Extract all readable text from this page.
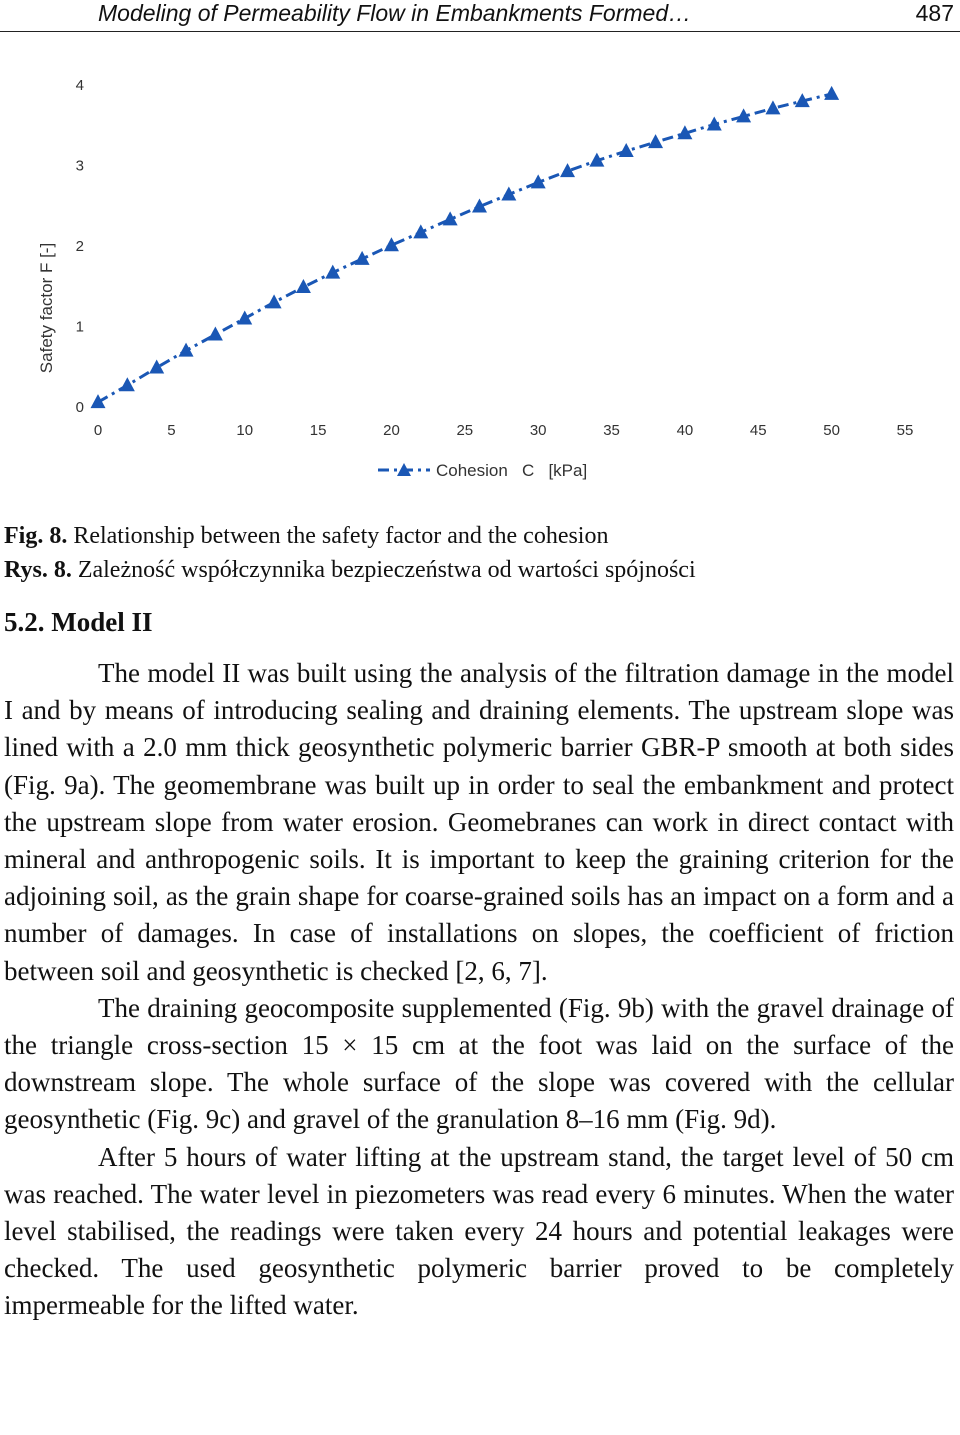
Modeling of Permeability Flow in Embankments Formed…	487
0	5	10	15	20	25	30	35	40	45	50	55
0
1
2
3
4
Safety factor F [-]
Cohesion   C   [kPa]
Fig. 8. Relationship between the safety factor and the cohesion
Rys. 8. Zależność współczynnika bezpieczeństwa od wartości spójności
5.2. Model II

The model II was built using the analysis of the filtration damage in the model I and by means of introducing sealing and draining elements. The upstream slope was lined with a 2.0 mm thick geosynthetic polymeric barrier GBR-P smooth at both sides (Fig. 9a). The geomembrane was built up in order to seal the embankment and protect the upstream slope from water erosion. Geomebranes can work in direct contact with mineral and anthropogenic soils. It is important to keep the graining criterion for the adjoining soil, as the grain shape for coarse-grained soils has an impact on a form and a number of damages. In case of installations on slopes, the coefficient of friction between soil and geosynthetic is checked [2, 6, 7].

The draining geocomposite supplemented (Fig. 9b) with the gravel drainage of the triangle cross-section 15 × 15 cm at the foot was laid on the surface of the downstream slope. The whole surface of the slope was covered with the cellular geosynthetic (Fig. 9c) and gravel of the granulation 8–16 mm (Fig. 9d).

After 5 hours of water lifting at the upstream stand, the target level of 50 cm was reached. The water level in piezometers was read every 6 minutes. When the water level stabilised, the readings were taken every 24 hours and potential leakages were checked. The used geosynthetic polymeric barrier proved to be completely impermeable for the lifted water.
